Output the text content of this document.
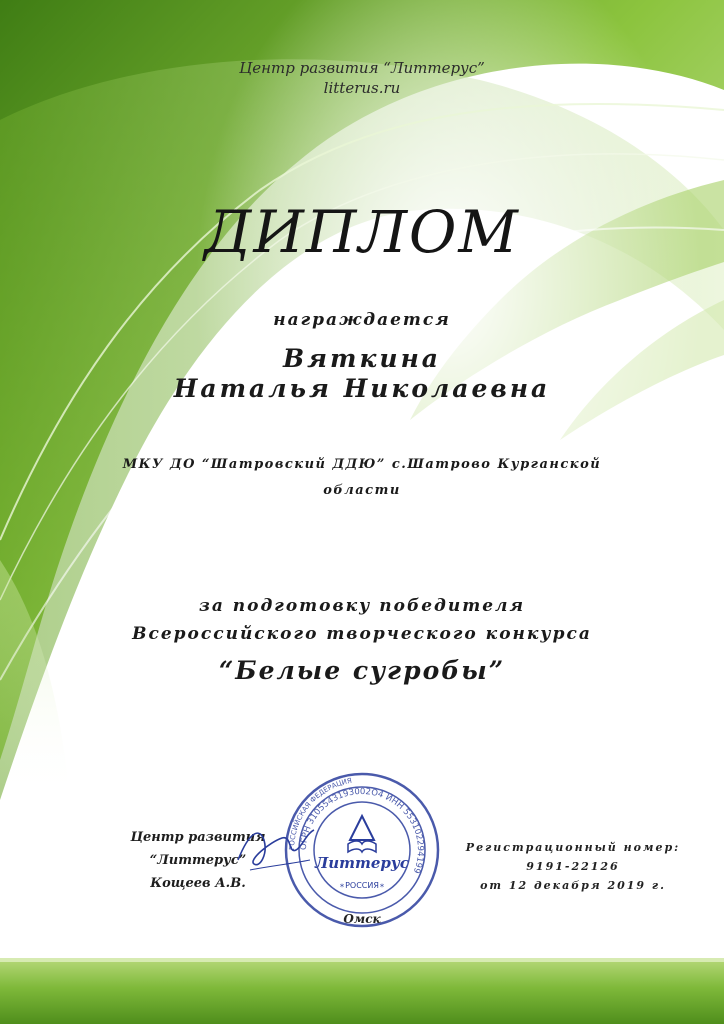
Центр развития “Литтерус”
litterus.ru
ДИПЛОМ
награждается
Вяткина
Наталья Николаевна
МКУ ДО “Шатровский ДДЮ” с.Шатрово Курганской области
за подготовку победителя
Всероссийского творческого конкурса
“Белые сугробы”
Центр развития
“Литтерус”
Кощеев А.В.
РОССИЙСКАЯ ФЕДЕРАЦИЯ
ОГРН 3105543193002О4 ИНН 553102294199
Литтерус
РОССИЯ
*	*
Регистрационный номер:
9191-22126
от 12 декабря 2019 г.
Омск
